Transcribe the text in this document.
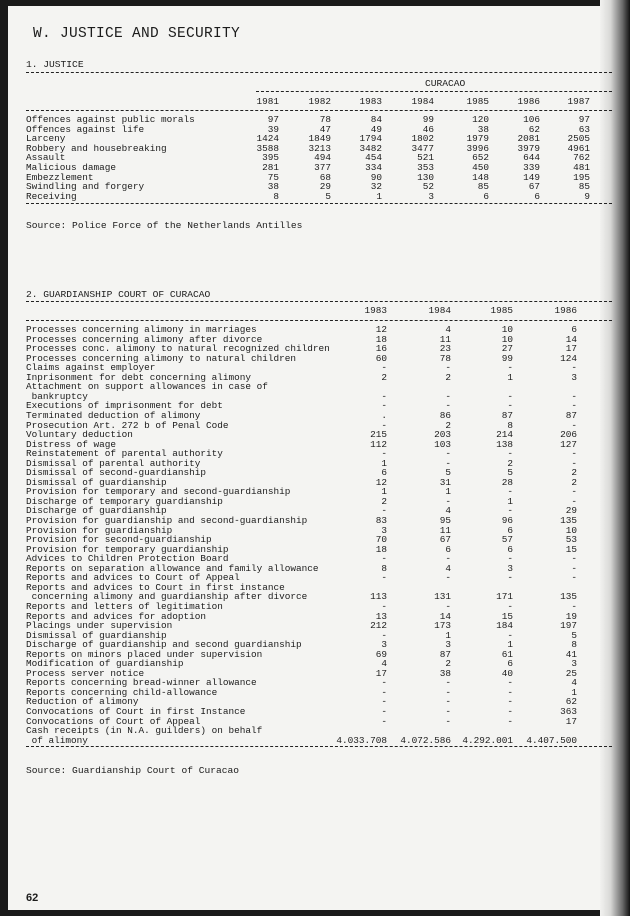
W. JUSTICE AND SECURITY
1. JUSTICE
CURACAO
Source: Police Force of the Netherlands Antilles
2. GUARDIANSHIP COURT OF CURACAO
Source: Guardianship Court of Curacao
62
1981	1982	1983	1984	1985	1986	1987
Offences against public morals	97	78	84	99	120	106	97
Offences against life	39	47	49	46	38	62	63
Larceny	1424	1849	1794	1802	1979	2081	2505
Robbery and housebreaking	3588	3213	3482	3477	3996	3979	4961
Assault	395	494	454	521	652	644	762
Malicious damage	281	377	334	353	450	339	481
Embezzlement	75	68	90	130	148	149	195
Swindling and forgery	38	29	32	52	85	67	85
Receiving	8	5	1	3	6	6	9
1983	1984	1985	1986
Processes concerning alimony in marriages	12	4	10	6
Processes concerning alimony after divorce	18	11	10	14
Processes conc. alimony to natural recognized children	16	23	27	17
Processes concerning alimony to natural children	60	78	99	124
Claims against employer	-	-	-	-
Inprisonment for debt concerning alimony	2	2	1	3
Attachment on support allowances in case of
bankruptcy	-	-	-	-
Executions of imprisonment for debt	-	-	-	-
Terminated deduction of alimony	.	86	87	87
Prosecution Art. 272 b of Penal Code	-	2	8	-
Voluntary deduction	215	203	214	206
Distress of wage	112	103	138	127
Reinstatement of parental authority	-	-	-	-
Dismissal of parental authority	1	-	2	-
Dismissal of second-guardianship	6	5	5	2
Dismissal of guardianship	12	31	28	2
Provision for temporary and second-guardianship	1	1	-	-
Discharge of temporary guardianship	2	-	1	-
Discharge of guardianship	-	4	-	29
Provision for guardianship and second-guardianship	83	95	96	135
Provision for guardianship	3	11	6	10
Provision for second-guardianship	70	67	57	53
Provision for temporary guardianship	18	6	6	15
Advices to Children Protection Board	-	-	-	-
Reports on separation allowance and family allowance	8	4	3	-
Reports and advices to Court of Appeal	-	-	-	-
Reports and advices to Court in first instance
concerning alimony and guardianship after divorce	113	131	171	135
Reports and letters of legitimation	-	-	-	-
Reports and advices for adoption	13	14	15	19
Placings under supervision	212	173	184	197
Dismissal of guardianship	-	1	-	5
Discharge of guardianship and second guardianship	3	3	1	8
Reports on minors placed under supervision	69	87	61	41
Modification of guardianship	4	2	6	3
Process server notice	17	38	40	25
Reports concerning bread-winner allowance	-	-	-	4
Reports concerning child-allowance	-	-	-	1
Reduction of alimony	-	-	-	62
Convocations of Court in first Instance	-	-	-	363
Convocations of Court of Appeal	-	-	-	17
Cash receipts (in N.A. guilders) on behalf
of alimony	4.033.708	4.072.586	4.292.001	4.407.500
